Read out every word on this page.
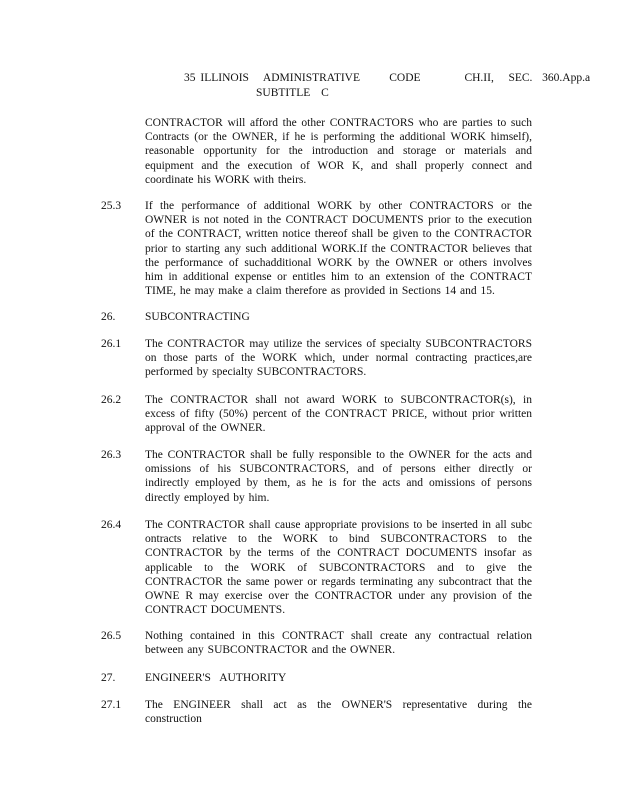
35 ILLINOIS   ADMINISTRATIVE      CODE         CH.II,   SEC.  360.App.a
SUBTITLE C
CONTRACTOR will afford the other CONTRACTORS who are parties to such Contracts (or the OWNER, if he is performing the additional WORK himself), reasonable opportunity for the introduction and storage or materials and equipment and the execution of WOR K, and shall properly connect and coordinate his WORK with theirs.
25.3 If the performance of additional WORK by other CONTRACTORS or the OWNER is not noted in the CONTRACT DOCUMENTS prior to the execution of the CONTRACT, written notice thereof shall be given to the CONTRACTOR prior to starting any such additional WORK.If the CONTRACTOR believes that the performance of suchadditional WORK by the OWNER or others involves him in additional expense or entitles him to an extension of the CONTRACT TIME, he may make a claim therefore as provided in Sections 14 and 15.
26.	SUBCONTRACTING
26.1 The CONTRACTOR may utilize the services of specialty SUBCONTRACTORS on those parts of the WORK which, under normal contracting practices,are performed by specialty SUBCONTRACTORS.
26.2 The CONTRACTOR shall not award WORK to SUBCONTRACTOR(s), in excess of fifty (50%) percent of the CONTRACT PRICE, without prior written approval of the OWNER.
26.3 The CONTRACTOR shall be fully responsible to the OWNER for the acts and omissions of his SUBCONTRACTORS, and of persons either directly or indirectly employed by them, as he is for the acts and omissions of persons directly employed by him.
26.4 The CONTRACTOR shall cause appropriate provisions to be inserted in all subc ontracts relative to the WORK to bind SUBCONTRACTORS to the CONTRACTOR by the terms of the CONTRACT DOCUMENTS insofar as applicable to the WORK of SUBCONTRACTORS and to give the CONTRACTOR the same power or regards terminating any subcontract that the OWNE R may exercise over the CONTRACTOR under any provision of the CONTRACT DOCUMENTS.
26.5 Nothing contained in this CONTRACT shall create any contractual relation between any SUBCONTRACTOR and the OWNER.
27.	ENGINEER'S AUTHORITY
27.1 The ENGINEER shall act as the OWNER'S representative during the construction
